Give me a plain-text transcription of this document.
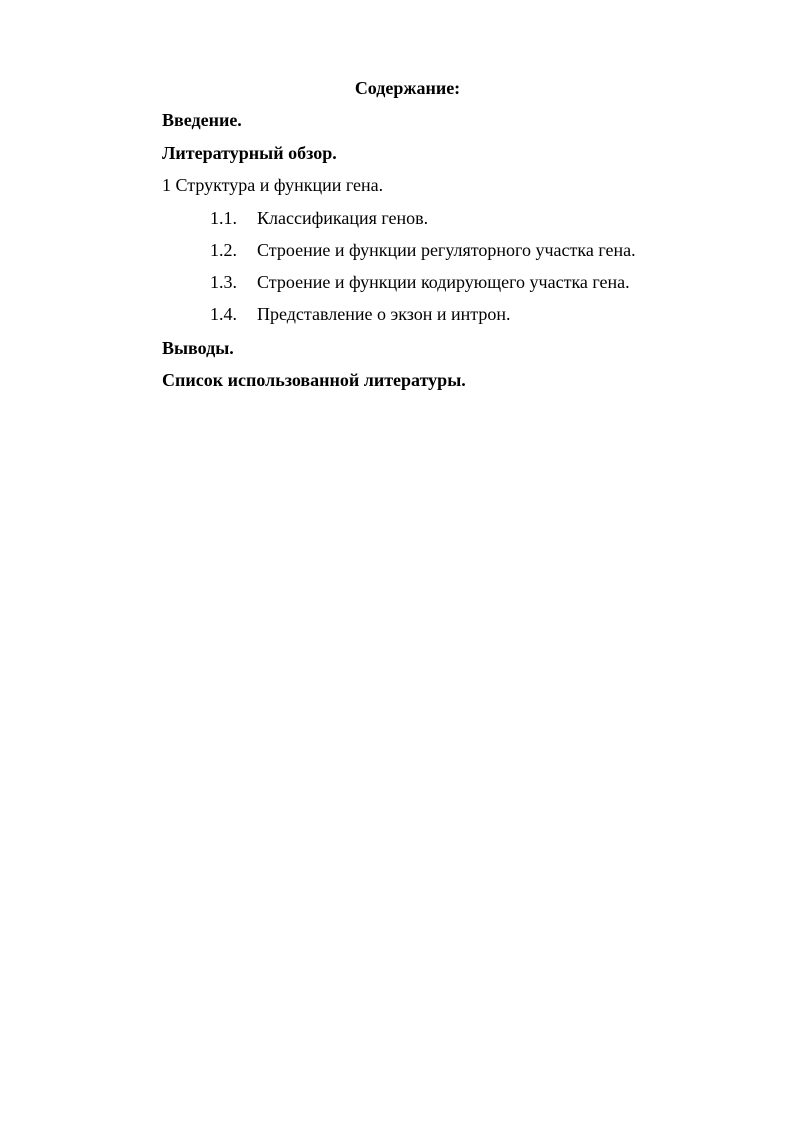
Содержание:
Введение.
Литературный обзор.
1 Структура и функции гена.
1.1. Классификация генов.
1.2. Строение и функции регуляторного участка гена.
1.3. Строение и функции кодирующего участка гена.
1.4. Представление о экзон и интрон.
Выводы.
Список использованной литературы.
